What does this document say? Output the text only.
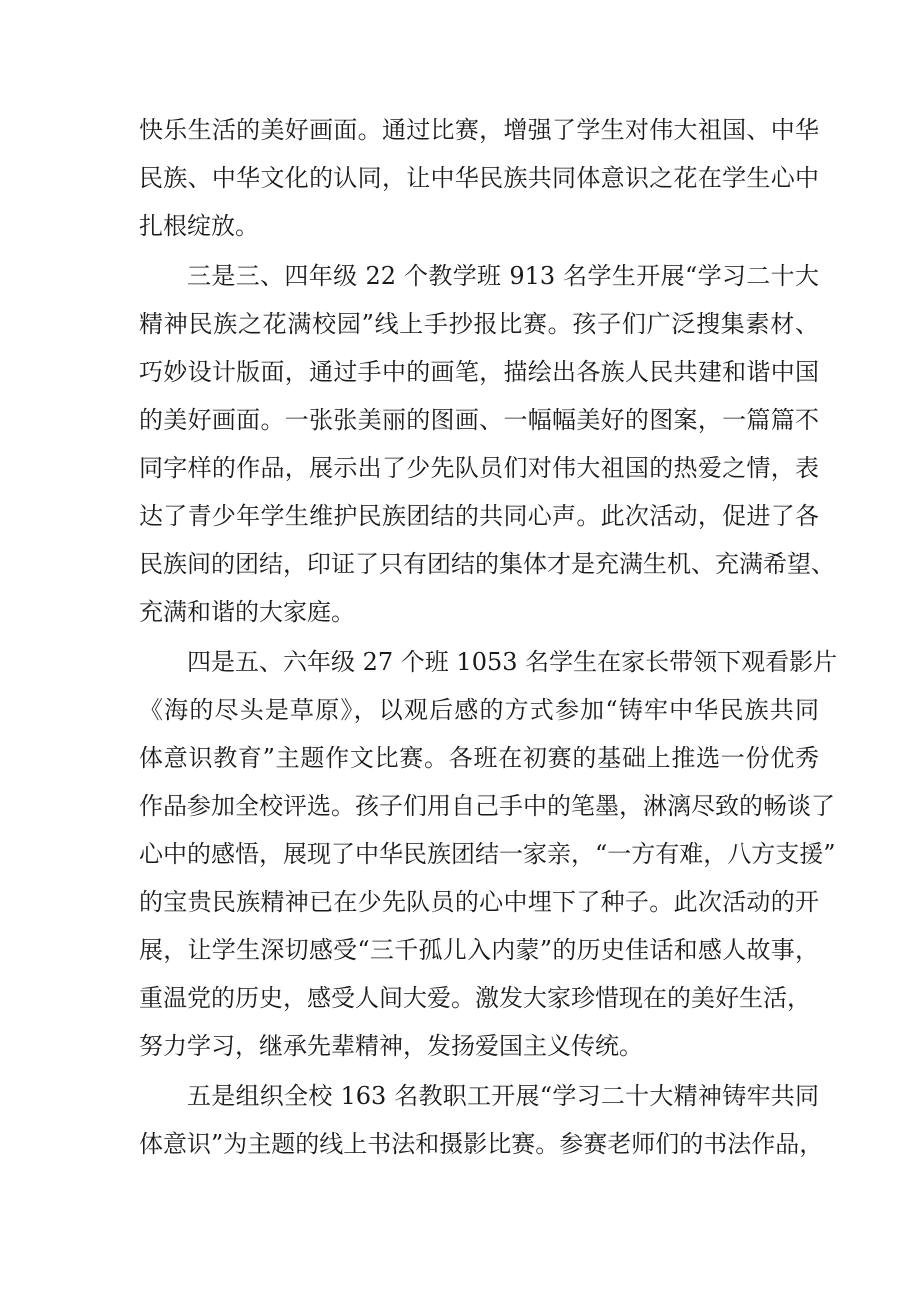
快乐生活的美好画面。通过比赛，增强了学生对伟大祖国、中华
民族、中华文化的认同，让中华民族共同体意识之花在学生心中
扎根绽放。
三是三、四年级 22 个教学班 913 名学生开展“学习二十大
精神民族之花满校园”线上手抄报比赛。孩子们广泛搜集素材、
巧妙设计版面，通过手中的画笔，描绘出各族人民共建和谐中国
的美好画面。一张张美丽的图画、一幅幅美好的图案，一篇篇不
同字样的作品，展示出了少先队员们对伟大祖国的热爱之情，表
达了青少年学生维护民族团结的共同心声。此次活动，促进了各
民族间的团结，印证了只有团结的集体才是充满生机、充满希望、
充满和谐的大家庭。
四是五、六年级 27 个班 1053 名学生在家长带领下观看影片
《海的尽头是草原》，以观后感的方式参加“铸牢中华民族共同
体意识教育”主题作文比赛。各班在初赛的基础上推选一份优秀
作品参加全校评选。孩子们用自己手中的笔墨，淋漓尽致的畅谈了
心中的感悟，展现了中华民族团结一家亲，“一方有难，八方支援”
的宝贵民族精神已在少先队员的心中埋下了种子。此次活动的开
展，让学生深切感受“三千孤儿入内蒙”的历史佳话和感人故事，
重温党的历史，感受人间大爱。激发大家珍惜现在的美好生活，
努力学习，继承先辈精神，发扬爱国主义传统。
五是组织全校 163 名教职工开展“学习二十大精神铸牢共同
体意识”为主题的线上书法和摄影比赛。参赛老师们的书法作品，
